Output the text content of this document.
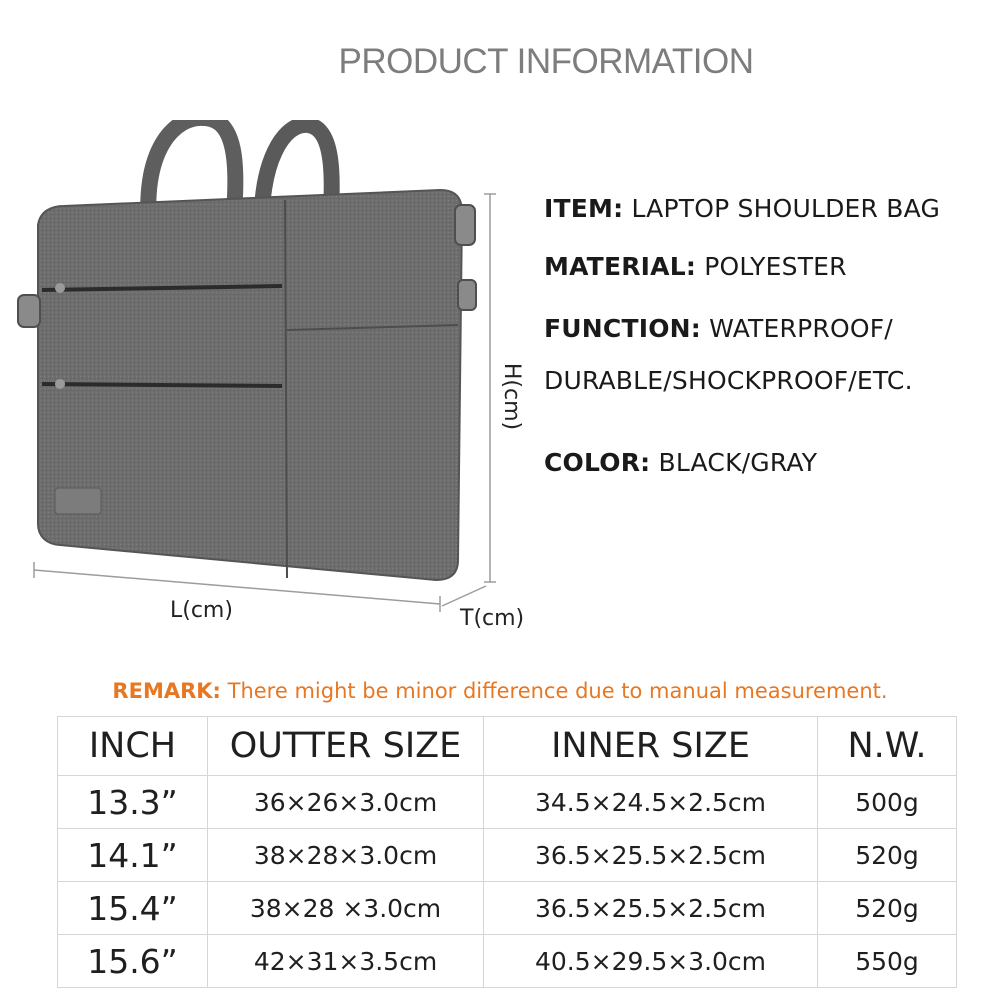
PRODUCT INFORMATION
L(cm)	T(cm)
H(cm)
ITEM: LAPTOP SHOULDER BAG
MATERIAL: POLYESTER
FUNCTION: WATERPROOF/
DURABLE/SHOCKPROOF/ETC.
COLOR: BLACK/GRAY
REMARK: There might be minor difference due to manual measurement.
INCH	OUTTER SIZE	INNER SIZE	N.W.
13.3”	36×26×3.0cm	34.5×24.5×2.5cm	500g
14.1”	38×28×3.0cm	36.5×25.5×2.5cm	520g
15.4”	38×28 ×3.0cm	36.5×25.5×2.5cm	520g
15.6”	42×31×3.5cm	40.5×29.5×3.0cm	550g
